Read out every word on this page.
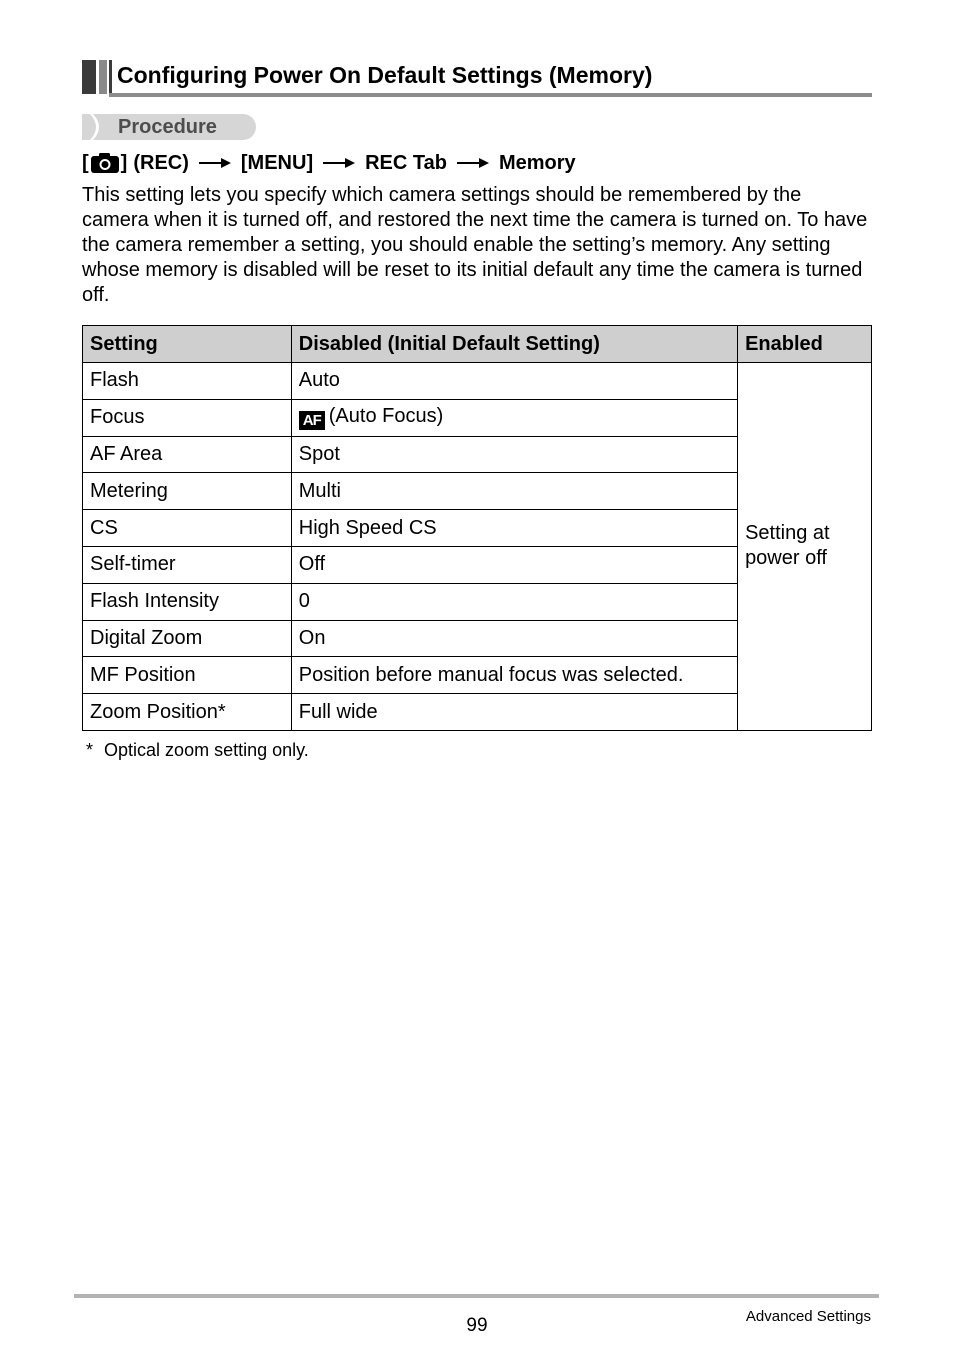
Configuring Power On Default Settings (Memory)
Procedure
[ ] (REC)	[MENU]	REC Tab	Memory

This setting lets you specify which camera settings should be remembered by the camera when it is turned off, and restored the next time the camera is turned on. To have the camera remember a setting, you should enable the setting’s memory. Any setting whose memory is disabled will be reset to its initial default any time the camera is turned off.

Setting	Disabled (Initial Default Setting)	Enabled
Flash	Auto	Setting at power off
Focus	AF (Auto Focus)	
AF Area	Spot	
Metering	Multi	
CS	High Speed CS	
Self-timer	Off	
Flash Intensity	0	
Digital Zoom	On	
MF Position	Position before manual focus was selected.	
Zoom Position*	Full wide	
* Optical zoom setting only.
99	Advanced Settings
